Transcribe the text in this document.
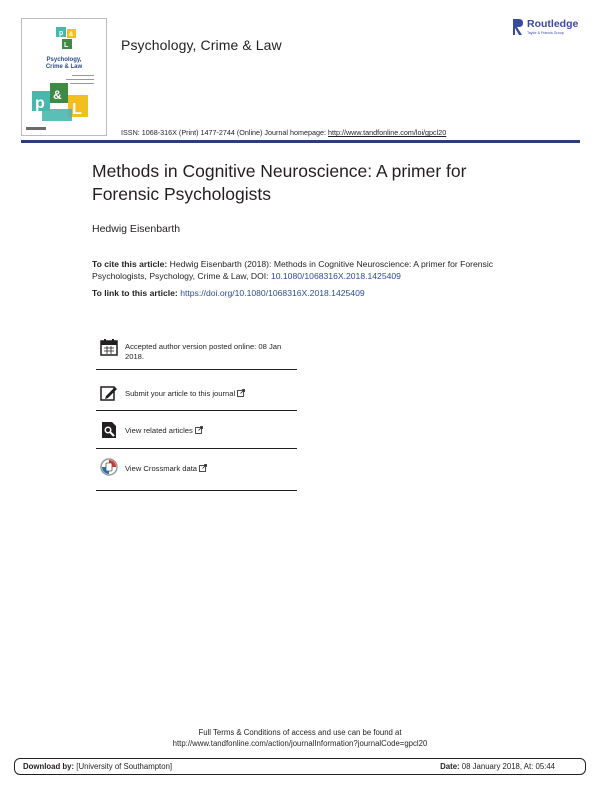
p &
L
p &
L
Psychology,
Crime & Law
Psychology, Crime & Law
Routledge
Taylor & Francis Group
ISSN: 1068-316X (Print) 1477-2744 (Online) Journal homepage: http://www.tandfonline.com/loi/gpcl20
Methods in Cognitive Neuroscience: A primer for Forensic Psychologists
Hedwig Eisenbarth
To cite this article: Hedwig Eisenbarth (2018): Methods in Cognitive Neuroscience: A primer for Forensic Psychologists, Psychology, Crime & Law, DOI: 10.1080/1068316X.2018.1425409
To link to this article: https://doi.org/10.1080/1068316X.2018.1425409
Accepted author version posted online: 08 Jan 2018.
Submit your article to this journal
View related articles
View Crossmark data
Full Terms & Conditions of access and use can be found at
http://www.tandfonline.com/action/journalInformation?journalCode=gpcl20
Download by: [University of Southampton]	Date: 08 January 2018, At: 05:44
